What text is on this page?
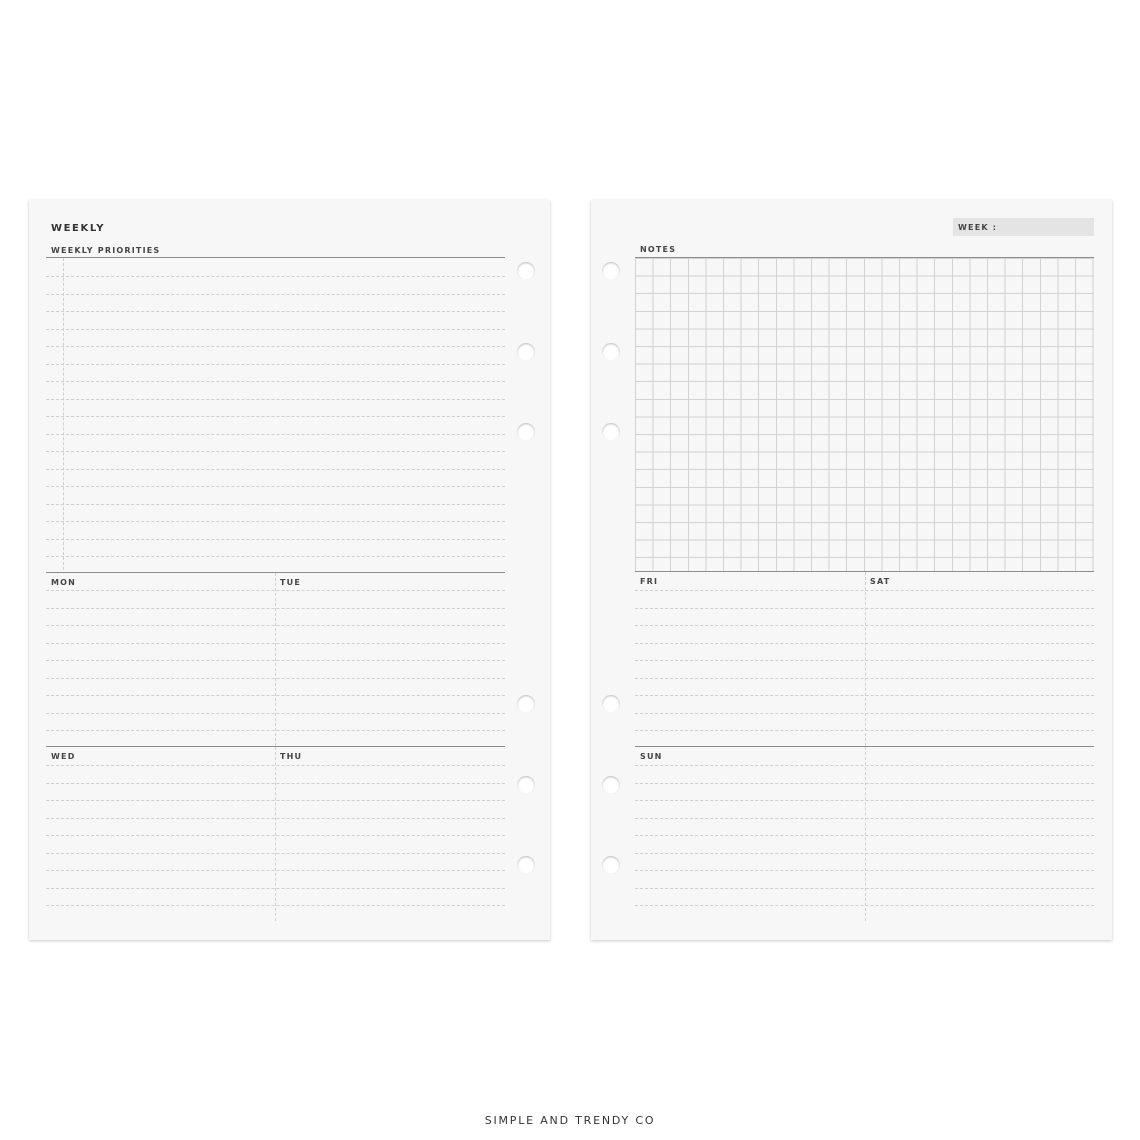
WEEKLY
WEEKLY PRIORITIES
MON	TUE
WED	THU
WEEK :
NOTES
FRI	SAT
SUN
SIMPLE AND TRENDY CO
